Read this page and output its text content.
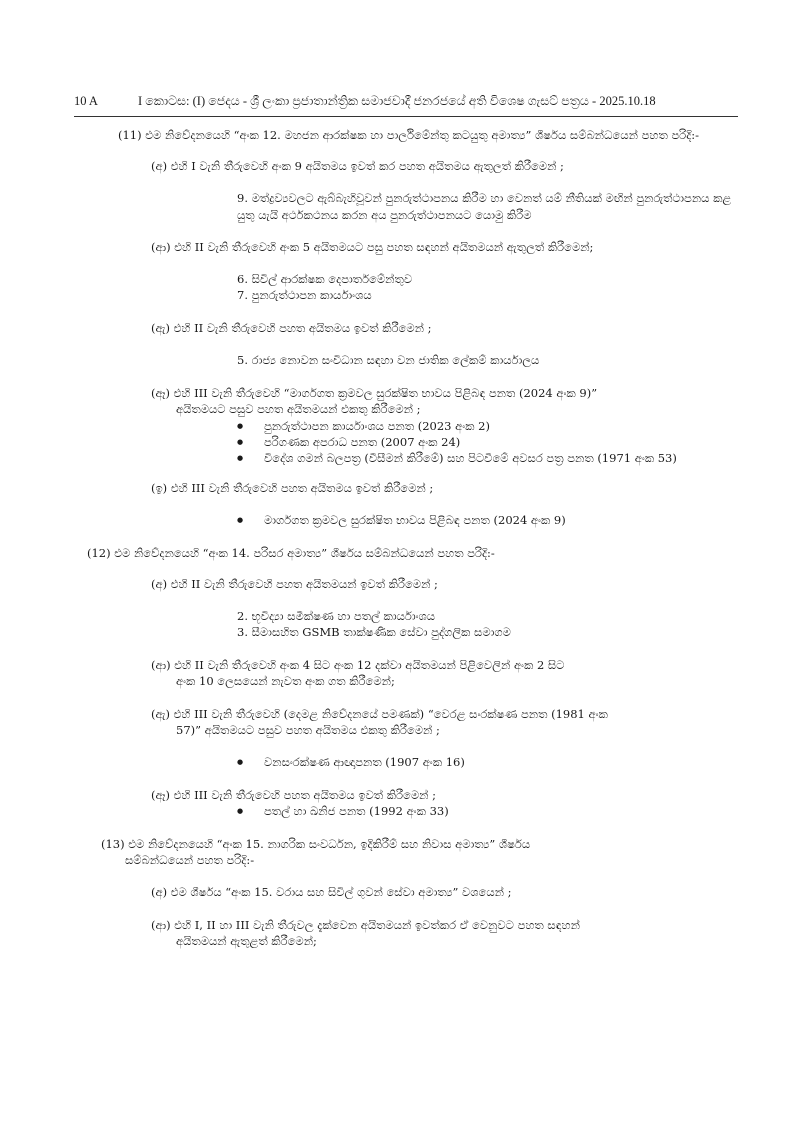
10 A	I කොටස: (I) ජෙදය - ශ්‍රී ලංකා ප්‍රජාතාන්ත්‍රික සමාජවාදී ජනරජයේ අති විශෙෂ ගැසට් පත්‍රය - 2025.10.18
(11) එම නිවේදනයෙහි “අංක 12. මහජන ආරක්ෂක හා පාර්ලිමේන්තු කටයුතු අමාත්‍ය” ශීර්ෂය සම්බන්ධයෙන් පහත පරිදි:-
(අ) එහි I වැනි තීරුවෙහි අංක 9 අයිතමය ඉවත් කර පහත අයිතමය ඇතුලත් කිරීමෙන් ;
9. මත්ද්‍රව්‍යවලට ඇබ්බැහිවූවන් පුනරුත්ථාපනය කිරීම හා වෙනත් යම් නීතියක් මඟින් පුනරුත්ථාපනය කළ යුතු යැයි අර්ථකථනය කරන අය පුනරුත්ථාපනයට යොමු කිරීම
(ආ) එහි II වැනි තීරුවෙහි අංක 5 අයිතමයට පසු පහත සඳහන් අයිතමයන් ඇතුලත් කිරීමෙන්;
6. සිවිල් ආරක්ෂක දෙපාර්තමේන්තුව
7. පුනරුත්ථාපන කාර්යාංශය
(ඇ) එහි II වැනි තීරුවෙහි පහත අයිතමය ඉවත් කිරීමෙන් ;
5. රාජ්‍ය නොවන සංවිධාන සඳහා වන ජාතික ලේකම් කාර්යාලය
(ඈ) එහි III වැනි තීරුවෙහි “මාර්ගගත ක්‍රමවල සුරක්ෂිත භාවය පිළිබඳ පනත (2024 අංක 9)”
අයිතමයට පසුව පහත අයිතමයන් එකතු කිරීමෙන් ;
● පුනරුත්ථාපන කාර්යාංශය පනත (2023 අංක 2)
● පරිගණක අපරාධ පනත (2007 අංක 24)
● විදේශ ගමන් බලපත්‍ර (වීසීමන් කිරීමේ) සහ පිටවීමේ අවසර පත්‍ර පනත (1971 අංක 53)
(ඉ) එහි III වැනි තීරුවෙහි පහත අයිතමය ඉවත් කිරීමෙන් ;
● මාර්ගගත ක්‍රමවල සුරක්ෂිත භාවය පිළිබඳ පනත (2024 අංක 9)
(12) එම නිවේදනයෙහි “අංක 14. පරිසර අමාත්‍ය” ශීර්ෂය සම්බන්ධයෙන් පහත පරිදි:-
(අ) එහි II වැනි තීරුවෙහි පහත අයිතමයන් ඉවත් කිරීමෙන් ;
2. භූවිද්‍යා සමීක්ෂණ හා පතල් කාර්යාංශය
3. සීමාසහිත GSMB තාක්ෂණික සේවා පුද්ගලික සමාගම
(ආ) එහි II වැනි තීරුවෙහි අංක 4 සිට අංක 12 දක්වා අයිතමයන් පිළිවෙලින් අංක 2 සිට
අංක 10 ලෙසයෙන් නැවත අංක ගත කිරීමෙන්;
(ඇ) එහි III වැනි තීරුවෙහි (දෙමළ නිවේදනයේ පමණක්) “වෙරළ සංරක්ෂණ පනත (1981 අංක
57)” අයිතමයට පසුව පහත අයිතමය එකතු කිරීමෙන් ;
● වනසංරක්ෂණ ආඥාපනත (1907 අංක 16)
(ඈ) එහි III වැනි තීරුවෙහි පහත අයිතමය ඉවත් කිරීමෙන් ;
● පතල් හා ඛනිජ පනත (1992 අංක 33)
(13) එම නිවේදනයෙහි “අංක 15. නාගරික සංවර්ධන, ඉදිකිරීම් සහ නිවාස අමාත්‍ය” ශීර්ෂය
සම්බන්ධයෙන් පහත පරිදි:-
(අ) එම ශීර්ෂය “අංක 15. වරාය සහ සිවිල් ගුවන් සේවා අමාත්‍ය” වශයෙන් ;
(ආ) එහි I, II හා III වැනි තීරුවල දැක්වෙන අයිතමයන් ඉවත්කර ඒ වෙනුවට පහත සඳහන්
අයිතමයන් ඇතුළත් කිරීමෙන්;
